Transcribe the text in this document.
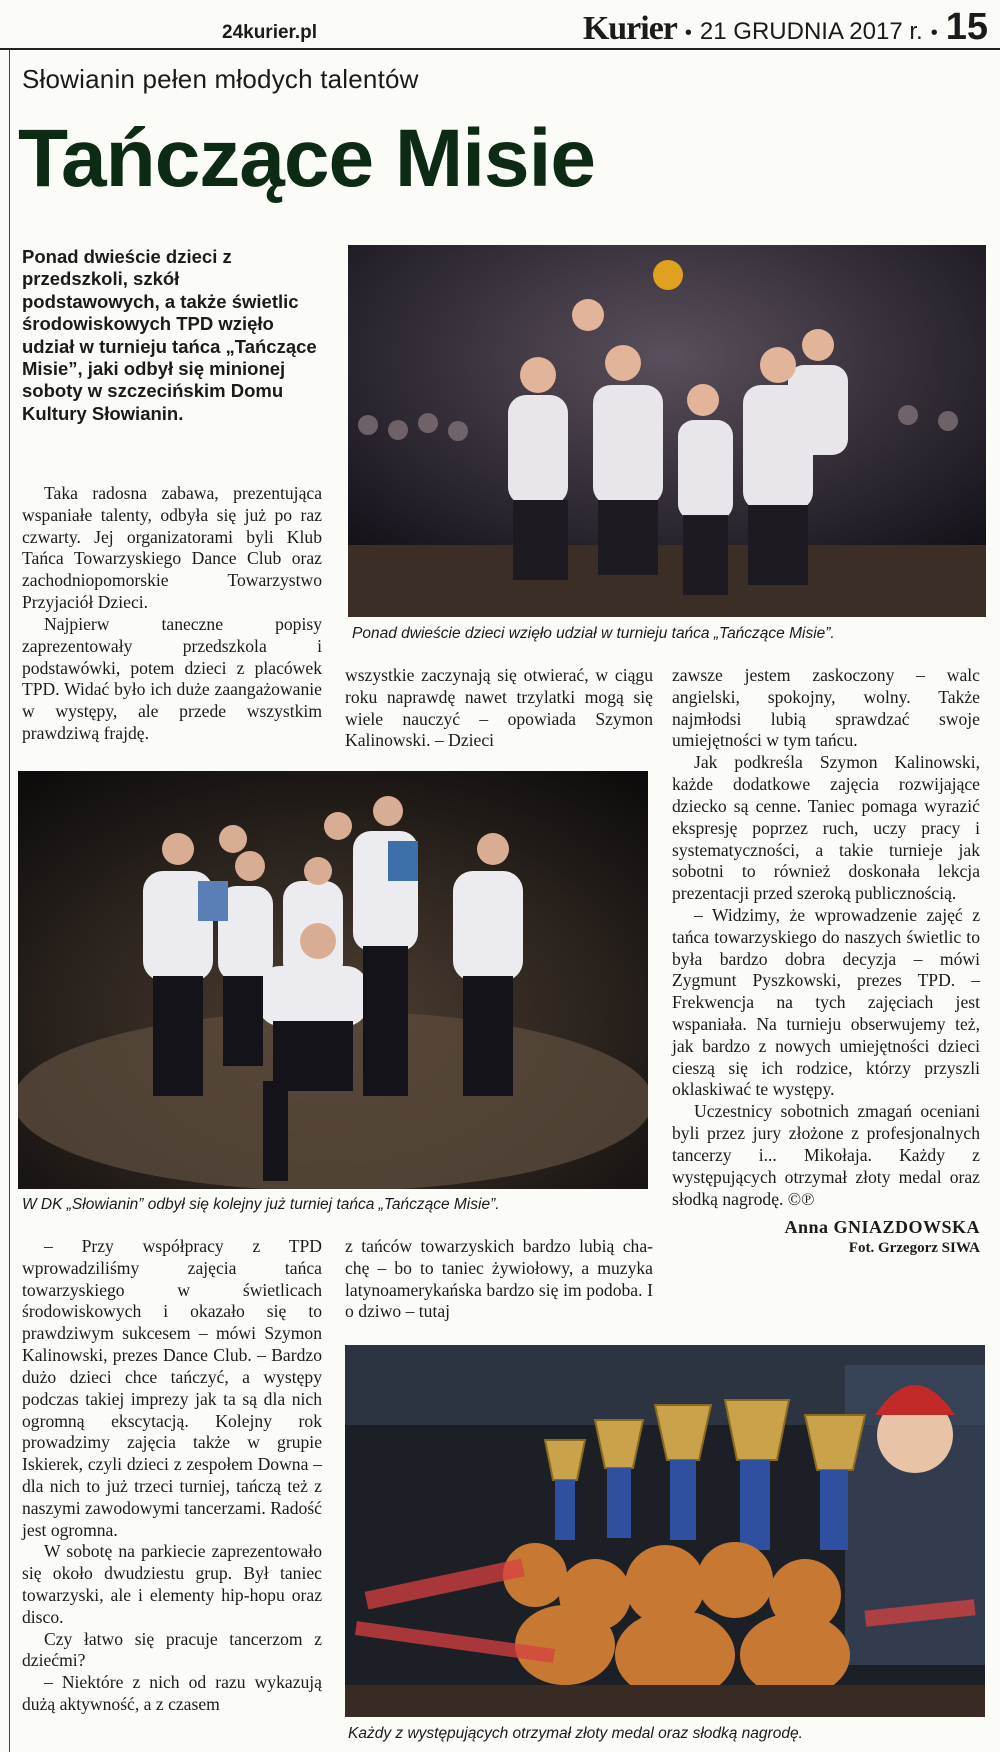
24kurier.pl	Kurier • 21 GRUDNIA 2017 r. • 15
Słowianin pełen młodych talentów
Tańczące Misie

Ponad dwieście dzieci z przedszkoli, szkół podstawowych, a także świetlic środowiskowych TPD wzięło udział w turnieju tańca „Tańczące Misie”, jaki odbył się minionej soboty w szczecińskim Domu Kultury Słowianin.

Ponad dwieście dzieci wzięło udział w turnieju tańca „Tańczące Misie”.

Taka radosna zabawa, prezentująca wspaniałe talenty, odbyła się już po raz czwarty. Jej organizatorami byli Klub Tańca Towarzyskiego Dance Club oraz zachodniopomorskie Towarzystwo Przyjaciół Dzieci.

Najpierw taneczne popisy zaprezentowały przedszkola i podstawówki, potem dzieci z placówek TPD. Widać było ich duże zaangażowanie w występy, ale przede wszystkim prawdziwą frajdę.

wszystkie zaczynają się otwierać, w ciągu roku naprawdę nawet trzylatki mogą się wiele nauczyć – opowiada Szymon Kalinowski. – Dzieci

W DK „Słowianin” odbył się kolejny już turniej tańca „Tańczące Misie”.

zawsze jestem zaskoczony – walc angielski, spokojny, wolny. Także najmłodsi lubią sprawdzać swoje umiejętności w tym tańcu.

Jak podkreśla Szymon Kalinowski, każde dodatkowe zajęcia rozwijające dziecko są cenne. Taniec pomaga wyrazić ekspresję poprzez ruch, uczy pracy i systematyczności, a takie turnieje jak sobotni to również doskonała lekcja prezentacji przed szeroką publicznością.

– Widzimy, że wprowadzenie zajęć z tańca towarzyskiego do naszych świetlic to była bardzo dobra decyzja – mówi Zygmunt Pyszkowski, prezes TPD. – Frekwencja na tych zajęciach jest wspaniała. Na turnieju obserwujemy też, jak bardzo z nowych umiejętności dzieci cieszą się ich rodzice, którzy przyszli oklaskiwać te występy.

Uczestnicy sobotnich zmagań oceniani byli przez jury złożone z profesjonalnych tancerzy i... Mikołaja. Każdy z występujących otrzymał złoty medal oraz słodką nagrodę. ©℗

Anna GNIAZDOWSKA

Fot. Grzegorz SIWA

– Przy współpracy z TPD wprowadziliśmy zajęcia tańca towarzyskiego w świetlicach środowiskowych i okazało się to prawdziwym sukcesem – mówi Szymon Kalinowski, prezes Dance Club. – Bardzo dużo dzieci chce tańczyć, a występy podczas takiej imprezy jak ta są dla nich ogromną ekscytacją. Kolejny rok prowadzimy zajęcia także w grupie Iskierek, czyli dzieci z zespołem Downa – dla nich to już trzeci turniej, tańczą też z naszymi zawodowymi tancerzami. Radość jest ogromna.

W sobotę na parkiecie zaprezentowało się około dwudziestu grup. Był taniec towarzyski, ale i elementy hip-hopu oraz disco.

Czy łatwo się pracuje tancerzom z dziećmi?

– Niektóre z nich od razu wykazują dużą aktywność, a z czasem

z tańców towarzyskich bardzo lubią cha-chę – bo to taniec żywiołowy, a muzyka latynoamerykańska bardzo się im podoba. I o dziwo – tutaj

Każdy z występujących otrzymał złoty medal oraz słodką nagrodę.
